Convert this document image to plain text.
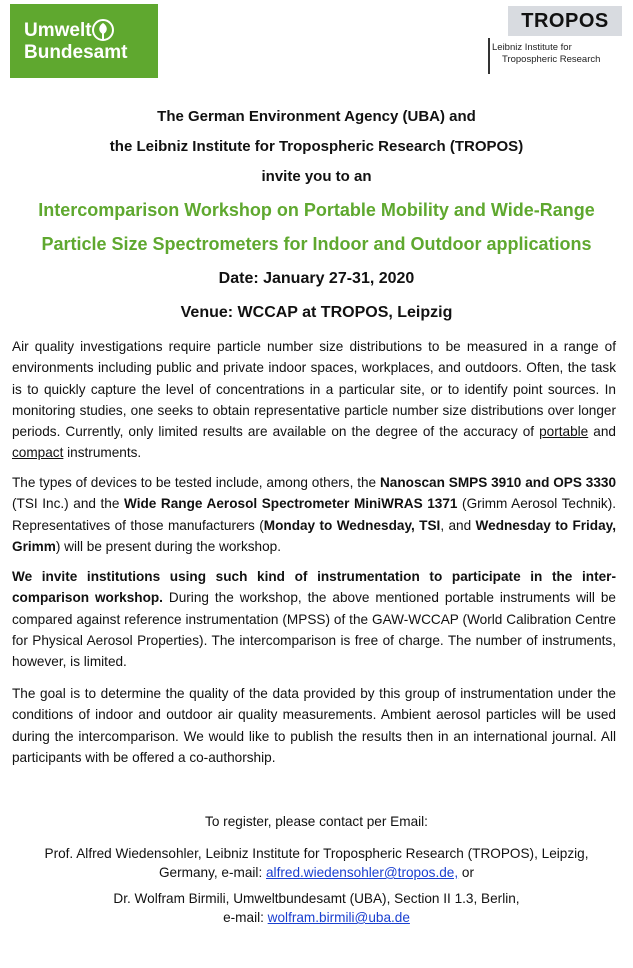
Umwelt
Bundesamt
TROPOS
Leibniz Institute for
Tropospheric Research
The German Environment Agency (UBA) and
the Leibniz Institute for Tropospheric Research (TROPOS)
invite you to an
Intercomparison Workshop on Portable Mobility and Wide-Range
Particle Size Spectrometers for Indoor and Outdoor applications
Date: January 27-31, 2020
Venue: WCCAP at TROPOS, Leipzig

Air quality investigations require particle number size distributions to be measured in a range of environments including public and private indoor spaces, workplaces, and outdoors. Often, the task is to quickly capture the level of concentrations in a particular site, or to identify point sources. In monitoring studies, one seeks to obtain representative particle number size distributions over longer periods. Currently, only limited results are available on the degree of the accuracy of portable and compact instruments.

The types of devices to be tested include, among others, the Nanoscan SMPS 3910 and OPS 3330 (TSI Inc.) and the Wide Range Aerosol Spectrometer MiniWRAS 1371 (Grimm Aerosol Technik). Representatives of those manufacturers (Monday to Wednesday, TSI, and Wednesday to Friday, Grimm) will be present during the workshop.

We invite institutions using such kind of instrumentation to participate in the inter-comparison workshop. During the workshop, the above mentioned portable instruments will be compared against reference instrumentation (MPSS) of the GAW-WCCAP (World Calibration Centre for Physical Aerosol Properties). The intercomparison is free of charge. The number of instruments, however, is limited.

The goal is to determine the quality of the data provided by this group of instrumentation under the conditions of indoor and outdoor air quality measurements. Ambient aerosol particles will be used during the intercomparison. We would like to publish the results then in an international journal. All participants with be offered a co-authorship.

To register, please contact per Email:
Prof. Alfred Wiedensohler, Leibniz Institute for Tropospheric Research (TROPOS), Leipzig,
Germany, e-mail: alfred.wiedensohler@tropos.de, or
Dr. Wolfram Birmili, Umweltbundesamt (UBA), Section II 1.3, Berlin,
e-mail: wolfram.birmili@uba.de
